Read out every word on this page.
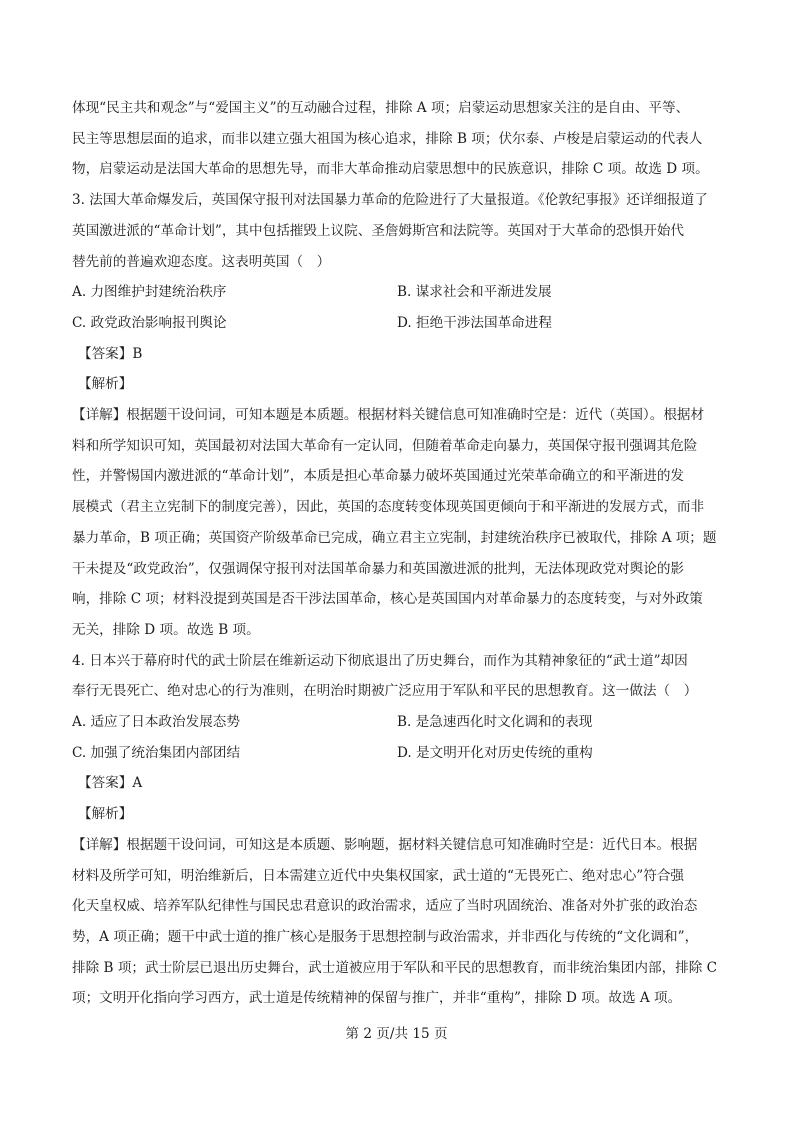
体现“民主共和观念”与“爱国主义”的互动融合过程，排除 A 项；启蒙运动思想家关注的是自由、平等、

民主等思想层面的追求，而非以建立强大祖国为核心追求，排除 B 项；伏尔泰、卢梭是启蒙运动的代表人

物，启蒙运动是法国大革命的思想先导，而非大革命推动启蒙思想中的民族意识，排除 C 项。故选 D 项。

3. 法国大革命爆发后，英国保守报刊对法国暴力革命的危险进行了大量报道。《伦敦纪事报》还详细报道了

英国激进派的“革命计划”，其中包括摧毁上议院、圣詹姆斯宫和法院等。英国对于大革命的恐惧开始代

替先前的普遍欢迎态度。这表明英国（　）

A. 力图维护封建统治秩序	B. 谋求社会和平渐进发展
C. 政党政治影响报刊舆论	D. 拒绝干涉法国革命进程

【答案】B

【解析】

【详解】根据题干设问词，可知本题是本质题。根据材料关键信息可知准确时空是：近代（英国）。根据材

料和所学知识可知，英国最初对法国大革命有一定认同，但随着革命走向暴力，英国保守报刊强调其危险

性，并警惕国内激进派的“革命计划”，本质是担心革命暴力破坏英国通过光荣革命确立的和平渐进的发

展模式（君主立宪制下的制度完善），因此，英国的态度转变体现英国更倾向于和平渐进的发展方式，而非

暴力革命，B 项正确；英国资产阶级革命已完成，确立君主立宪制，封建统治秩序已被取代，排除 A 项；题

干未提及“政党政治”，仅强调保守报刊对法国革命暴力和英国激进派的批判，无法体现政党对舆论的影

响，排除 C 项；材料没提到英国是否干涉法国革命，核心是英国国内对革命暴力的态度转变，与对外政策

无关，排除 D 项。故选 B 项。

4. 日本兴于幕府时代的武士阶层在维新运动下彻底退出了历史舞台，而作为其精神象征的“武士道”却因

奉行无畏死亡、绝对忠心的行为准则，在明治时期被广泛应用于军队和平民的思想教育。这一做法（　）

A. 适应了日本政治发展态势	B. 是急速西化时文化调和的表现
C. 加强了统治集团内部团结	D. 是文明开化对历史传统的重构

【答案】A

【解析】

【详解】根据题干设问词，可知这是本质题、影响题，据材料关键信息可知准确时空是：近代日本。根据

材料及所学可知，明治维新后，日本需建立近代中央集权国家，武士道的“无畏死亡、绝对忠心”符合强

化天皇权威、培养军队纪律性与国民忠君意识的政治需求，适应了当时巩固统治、准备对外扩张的政治态

势，A 项正确；题干中武士道的推广核心是服务于思想控制与政治需求，并非西化与传统的“文化调和”，

排除 B 项；武士阶层已退出历史舞台，武士道被应用于军队和平民的思想教育，而非统治集团内部，排除 C

项；文明开化指向学习西方，武士道是传统精神的保留与推广，并非“重构”，排除 D 项。故选 A 项。

第 2 页/共 15 页
